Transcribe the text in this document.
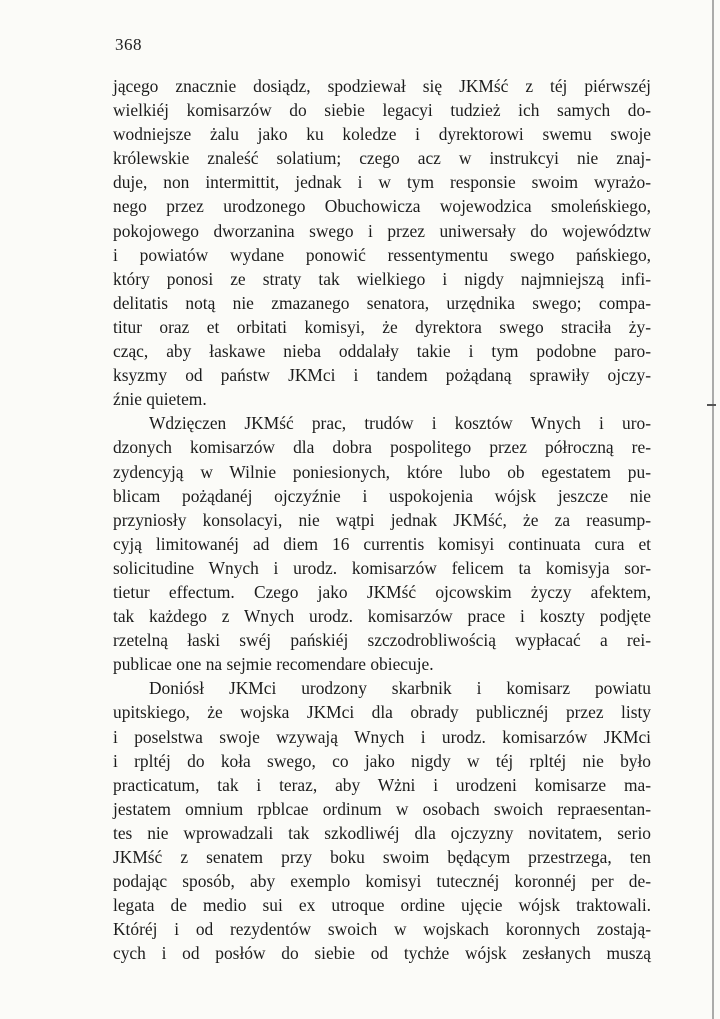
368
jącego znacznie dosiądz, spodziewał się JKMść z téj piérwszéj
wielkiéj komisarzów do siebie legacyi tudzież ich samych do-
wodniejsze żalu jako ku koledze i dyrektorowi swemu swoje
królewskie znaleść solatium; czego acz w instrukcyi nie znaj-
duje, non intermittit, jednak i w tym responsie swoim wyrażo-
nego przez urodzonego Obuchowicza wojewodzica smoleńskiego,
pokojowego dworzanina swego i przez uniwersały do województw
i powiatów wydane ponowić ressentymentu swego pańskiego,
który ponosi ze straty tak wielkiego i nigdy najmniejszą infi-
delitatis notą nie zmazanego senatora, urzędnika swego; compa-
titur oraz et orbitati komisyi, że dyrektora swego straciła ży-
cząc, aby łaskawe nieba oddalały takie i tym podobne paro-
ksyzmy od państw JKMci i tandem pożądaną sprawiły ojczy-
źnie quietem.
Wdzięczen JKMść prac, trudów i kosztów Wnych i uro-
dzonych komisarzów dla dobra pospolitego przez półroczną re-
zydencyją w Wilnie poniesionych, które lubo ob egestatem pu-
blicam pożądanéj ojczyźnie i uspokojenia wójsk jeszcze nie
przyniosły konsolacyi, nie wątpi jednak JKMść, że za reasump-
cyją limitowanéj ad diem 16 currentis komisyi continuata cura et
solicitudine Wnych i urodz. komisarzów felicem ta komisyja sor-
tietur effectum. Czego jako JKMść ojcowskim życzy afektem,
tak każdego z Wnych urodz. komisarzów prace i koszty podjęte
rzetelną łaski swéj pańskiéj szczodrobliwością wypłacać a rei-
publicae one na sejmie recomendare obiecuje.
Doniósł JKMci urodzony skarbnik i komisarz powiatu
upitskiego, że wojska JKMci dla obrady publicznéj przez listy
i poselstwa swoje wzywają Wnych i urodz. komisarzów JKMci
i rpltéj do koła swego, co jako nigdy w téj rpltéj nie było
practicatum, tak i teraz, aby Wżni i urodzeni komisarze ma-
jestatem omnium rpblcae ordinum w osobach swoich repraesentan-
tes nie wprowadzali tak szkodliwéj dla ojczyzny novitatem, serio
JKMść z senatem przy boku swoim będącym przestrzega, ten
podając sposób, aby exemplo komisyi tutecznéj koronnéj per de-
legata de medio sui ex utroque ordine ujęcie wójsk traktowali.
Któréj i od rezydentów swoich w wojskach koronnych zostają-
cych i od posłów do siebie od tychże wójsk zesłanych muszą
